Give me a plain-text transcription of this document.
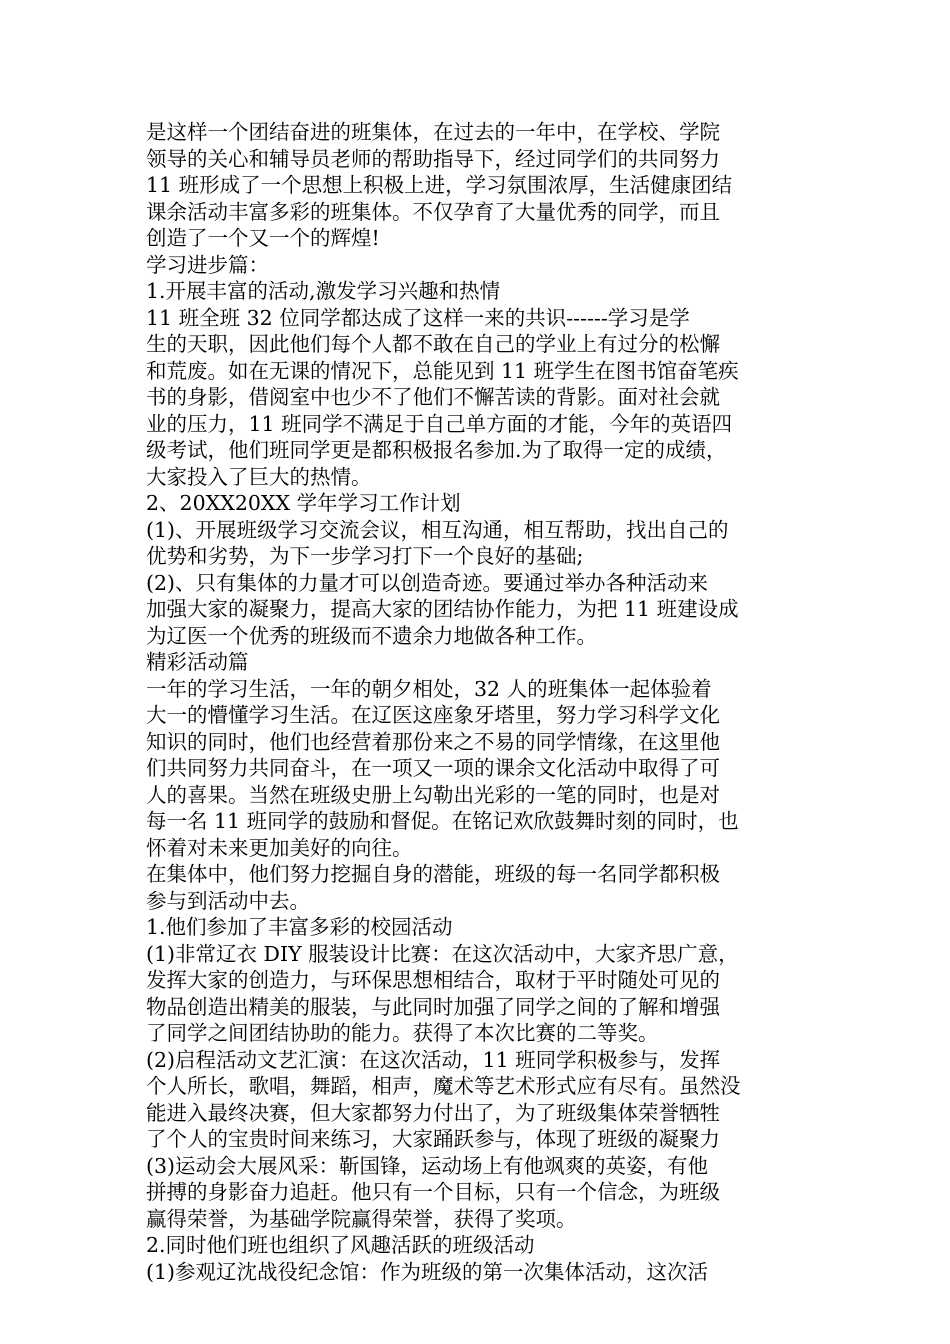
是这样一个团结奋进的班集体，在过去的一年中，在学校、学院
领导的关心和辅导员老师的帮助指导下，经过同学们的共同努力
11 班形成了一个思想上积极上进，学习氛围浓厚，生活健康团结
课余活动丰富多彩的班集体。不仅孕育了大量优秀的同学，而且
创造了一个又一个的辉煌!
学习进步篇：
1.开展丰富的活动,激发学习兴趣和热情
11 班全班 32 位同学都达成了这样一来的共识------学习是学
生的天职，因此他们每个人都不敢在自己的学业上有过分的松懈
和荒废。如在无课的情况下，总能见到 11 班学生在图书馆奋笔疾
书的身影，借阅室中也少不了他们不懈苦读的背影。面对社会就
业的压力，11 班同学不满足于自己单方面的才能，今年的英语四
级考试，他们班同学更是都积极报名参加.为了取得一定的成绩，
大家投入了巨大的热情。
2、20XX20XX 学年学习工作计划
(1)、开展班级学习交流会议，相互沟通，相互帮助，找出自己的
优势和劣势，为下一步学习打下一个良好的基础;
(2)、只有集体的力量才可以创造奇迹。要通过举办各种活动来
加强大家的凝聚力，提高大家的团结协作能力，为把 11 班建设成
为辽医一个优秀的班级而不遗余力地做各种工作。
精彩活动篇
一年的学习生活，一年的朝夕相处，32 人的班集体一起体验着
大一的懵懂学习生活。在辽医这座象牙塔里，努力学习科学文化
知识的同时，他们也经营着那份来之不易的同学情缘，在这里他
们共同努力共同奋斗，在一项又一项的课余文化活动中取得了可
人的喜果。当然在班级史册上勾勒出光彩的一笔的同时，也是对
每一名 11 班同学的鼓励和督促。在铭记欢欣鼓舞时刻的同时，也
怀着对未来更加美好的向往。
在集体中，他们努力挖掘自身的潜能，班级的每一名同学都积极
参与到活动中去。
1.他们参加了丰富多彩的校园活动
(1)非常辽衣 DIY 服装设计比赛：在这次活动中，大家齐思广意，
发挥大家的创造力，与环保思想相结合，取材于平时随处可见的
物品创造出精美的服装，与此同时加强了同学之间的了解和增强
了同学之间团结协助的能力。获得了本次比赛的二等奖。
(2)启程活动文艺汇演：在这次活动，11 班同学积极参与，发挥
个人所长，歌唱，舞蹈，相声，魔术等艺术形式应有尽有。虽然没
能进入最终决赛，但大家都努力付出了，为了班级集体荣誉牺牲
了个人的宝贵时间来练习，大家踊跃参与，体现了班级的凝聚力
(3)运动会大展风采：靳国锋，运动场上有他飒爽的英姿，有他
拼搏的身影奋力追赶。他只有一个目标，只有一个信念，为班级
赢得荣誉，为基础学院赢得荣誉，获得了奖项。
2.同时他们班也组织了风趣活跃的班级活动
(1)参观辽沈战役纪念馆：作为班级的第一次集体活动，这次活
